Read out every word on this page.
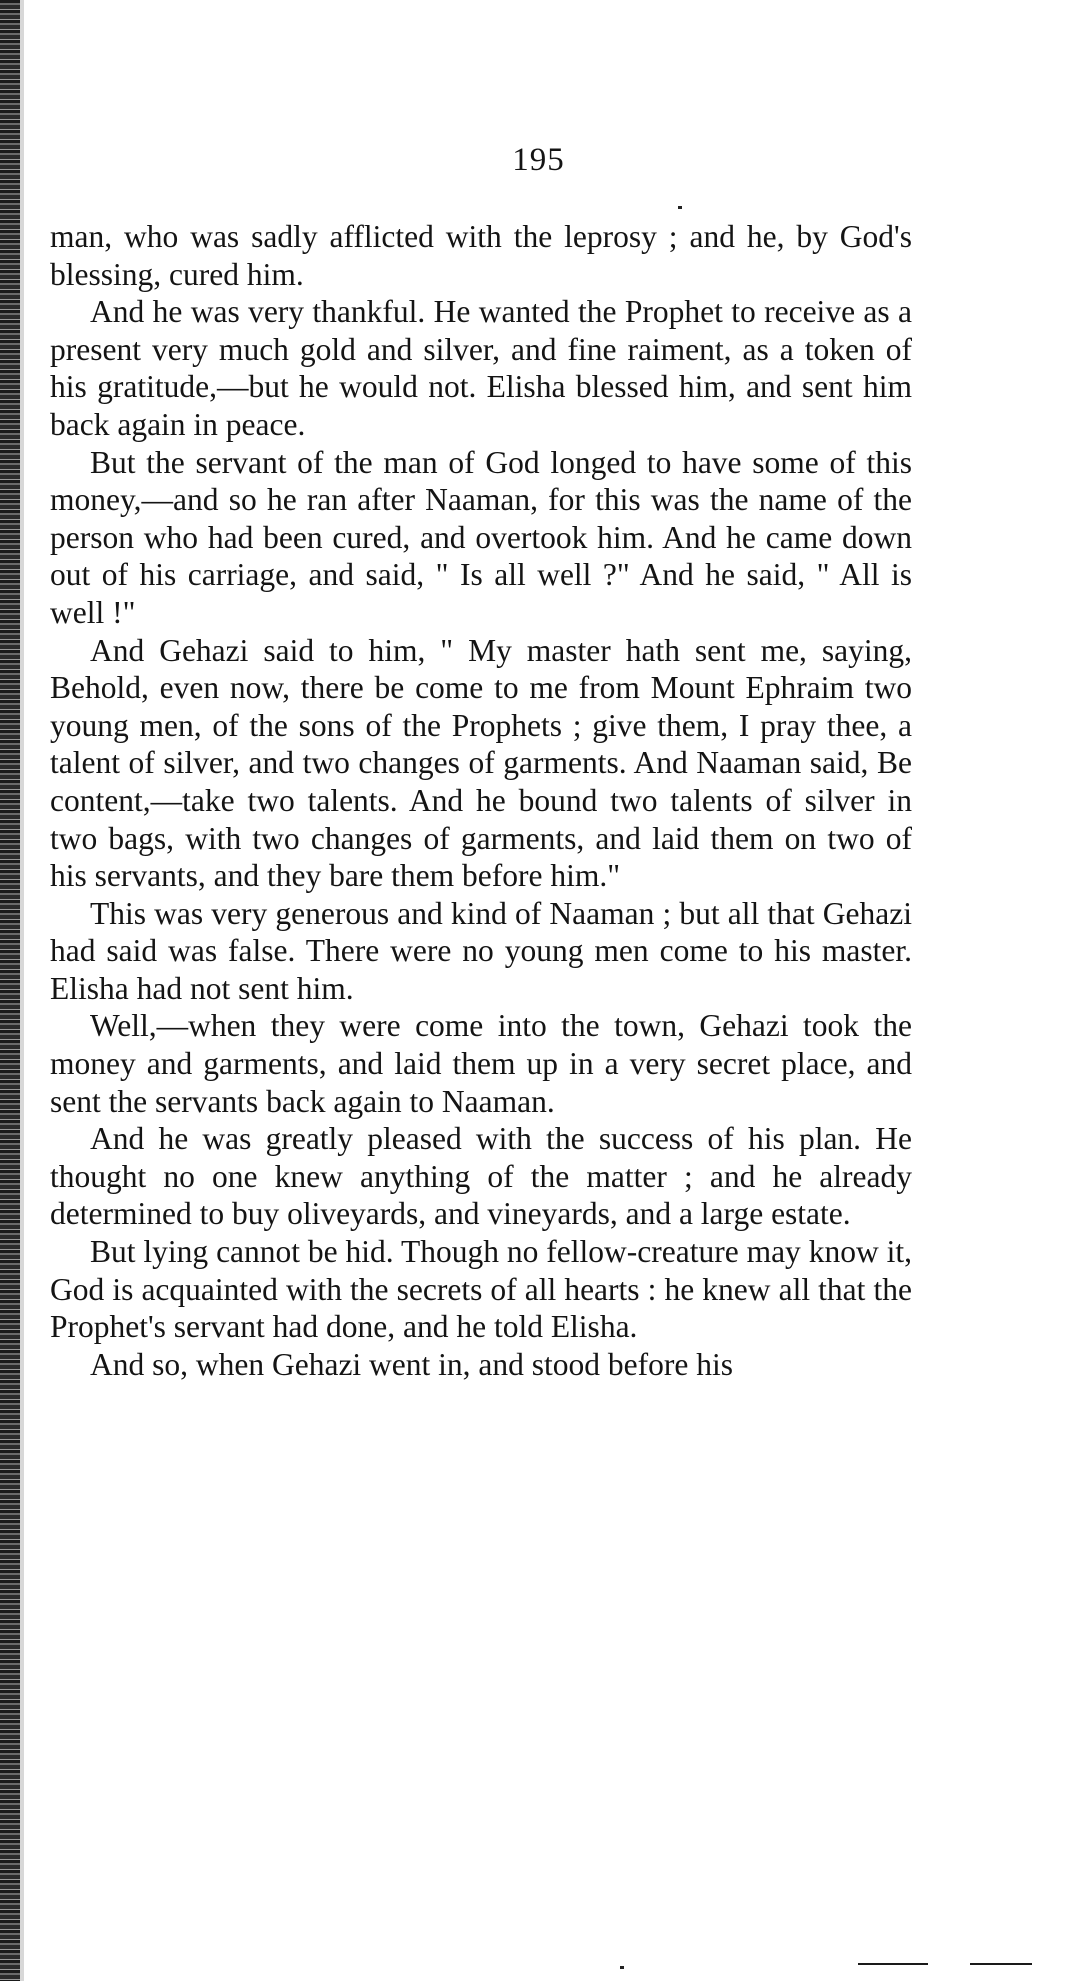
195

man, who was sadly afflicted with the leprosy ; and he, by God's blessing, cured him.

And he was very thankful. He wanted the Prophet to receive as a present very much gold and silver, and fine raiment, as a token of his gratitude,—but he would not. Elisha blessed him, and sent him back again in peace.

But the servant of the man of God longed to have some of this money,—and so he ran after Naaman, for this was the name of the person who had been cured, and overtook him. And he came down out of his carriage, and said, " Is all well ?" And he said, " All is well !"

And Gehazi said to him, " My master hath sent me, saying, Behold, even now, there be come to me from Mount Ephraim two young men, of the sons of the Prophets ; give them, I pray thee, a talent of silver, and two changes of garments. And Naaman said, Be content,—take two talents. And he bound two talents of silver in two bags, with two changes of garments, and laid them on two of his servants, and they bare them before him."

This was very generous and kind of Naaman ; but all that Gehazi had said was false. There were no young men come to his master. Elisha had not sent him.

Well,—when they were come into the town, Gehazi took the money and garments, and laid them up in a very secret place, and sent the servants back again to Naaman.

And he was greatly pleased with the success of his plan. He thought no one knew anything of the matter ; and he already determined to buy oliveyards, and vineyards, and a large estate.

But lying cannot be hid. Though no fellow-creature may know it, God is acquainted with the secrets of all hearts : he knew all that the Prophet's servant had done, and he told Elisha.

And so, when Gehazi went in, and stood before his
